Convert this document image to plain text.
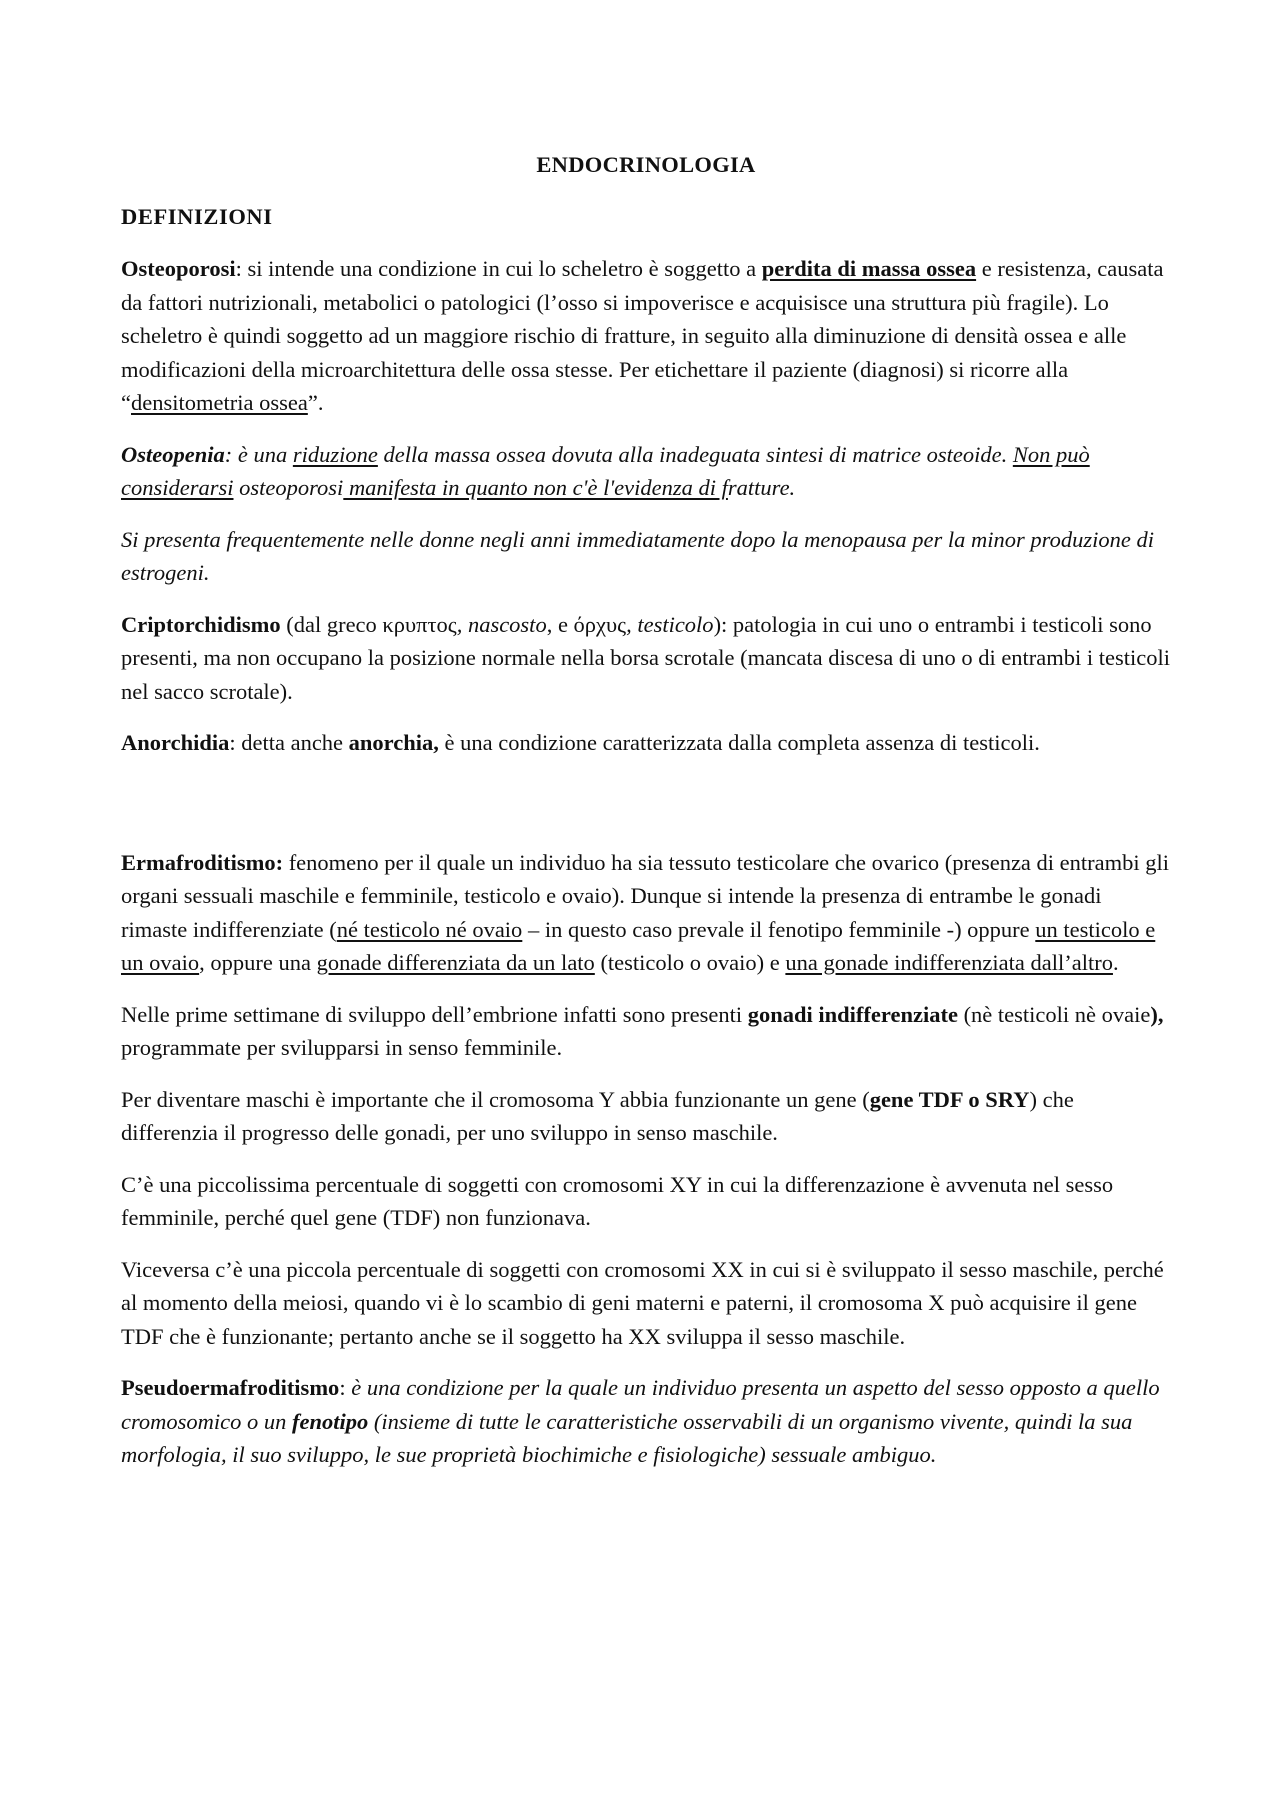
ENDOCRINOLOGIA
DEFINIZIONI

Osteoporosi: si intende una condizione in cui lo scheletro è soggetto a perdita di massa ossea e resistenza, causata da fattori nutrizionali, metabolici o patologici (l’osso si impoverisce e acquisisce una struttura più fragile). Lo scheletro è quindi soggetto ad un maggiore rischio di fratture, in seguito alla diminuzione di densità ossea e alle modificazioni della microarchitettura delle ossa stesse. Per etichettare il paziente (diagnosi) si ricorre alla “densitometria ossea”.

Osteopenia: è una riduzione della massa ossea dovuta alla inadeguata sintesi di matrice osteoide. Non può considerarsi osteoporosi manifesta in quanto non c'è l'evidenza di fratture.

Si presenta frequentemente nelle donne negli anni immediatamente dopo la menopausa per la minor produzione di estrogeni.

Criptorchidismo (dal greco κρυπτος, nascosto, e όρχυς, testicolo): patologia in cui uno o entrambi i testicoli sono presenti, ma non occupano la posizione normale nella borsa scrotale (mancata discesa di uno o di entrambi i testicoli nel sacco scrotale).

Anorchidia: detta anche anorchia, è una condizione caratterizzata dalla completa assenza di testicoli.

Ermafroditismo: fenomeno per il quale un individuo ha sia tessuto testicolare che ovarico (presenza di entrambi gli organi sessuali maschile e femminile, testicolo e ovaio). Dunque si intende la presenza di entrambe le gonadi rimaste indifferenziate (né testicolo né ovaio – in questo caso prevale il fenotipo femminile -) oppure un testicolo e un ovaio, oppure una gonade differenziata da un lato (testicolo o ovaio) e una gonade indifferenziata dall’altro.

Nelle prime settimane di sviluppo dell’embrione infatti sono presenti gonadi indifferenziate (nè testicoli nè ovaie), programmate per svilupparsi in senso femminile.

Per diventare maschi è importante che il cromosoma Y abbia funzionante un gene (gene TDF o SRY) che differenzia il progresso delle gonadi, per uno sviluppo in senso maschile.

C’è una piccolissima percentuale di soggetti con cromosomi XY in cui la differenzazione è avvenuta nel sesso femminile, perché quel gene (TDF) non funzionava.

Viceversa c’è una piccola percentuale di soggetti con cromosomi XX in cui si è sviluppato il sesso maschile, perché al momento della meiosi, quando vi è lo scambio di geni materni e paterni, il cromosoma X può acquisire il gene TDF che è funzionante; pertanto anche se il soggetto ha XX sviluppa il sesso maschile.

Pseudoermafroditismo: è una condizione per la quale un individuo presenta un aspetto del sesso opposto a quello cromosomico o un fenotipo (insieme di tutte le caratteristiche osservabili di un organismo vivente, quindi la sua morfologia, il suo sviluppo, le sue proprietà biochimiche e fisiologiche) sessuale ambiguo.
